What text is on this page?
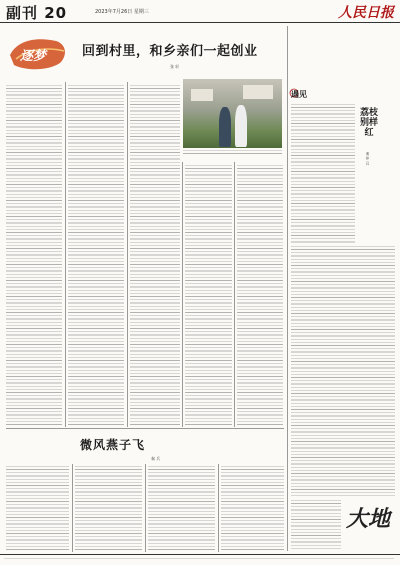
副刊 20	2023年7月26日 星期三	人民日报
逐梦	回到村里，和乡亲们一起创业
张 轩
微风燕子飞
秦 兵
遇见
荔枝别样红
秦 仲 汉
大地
